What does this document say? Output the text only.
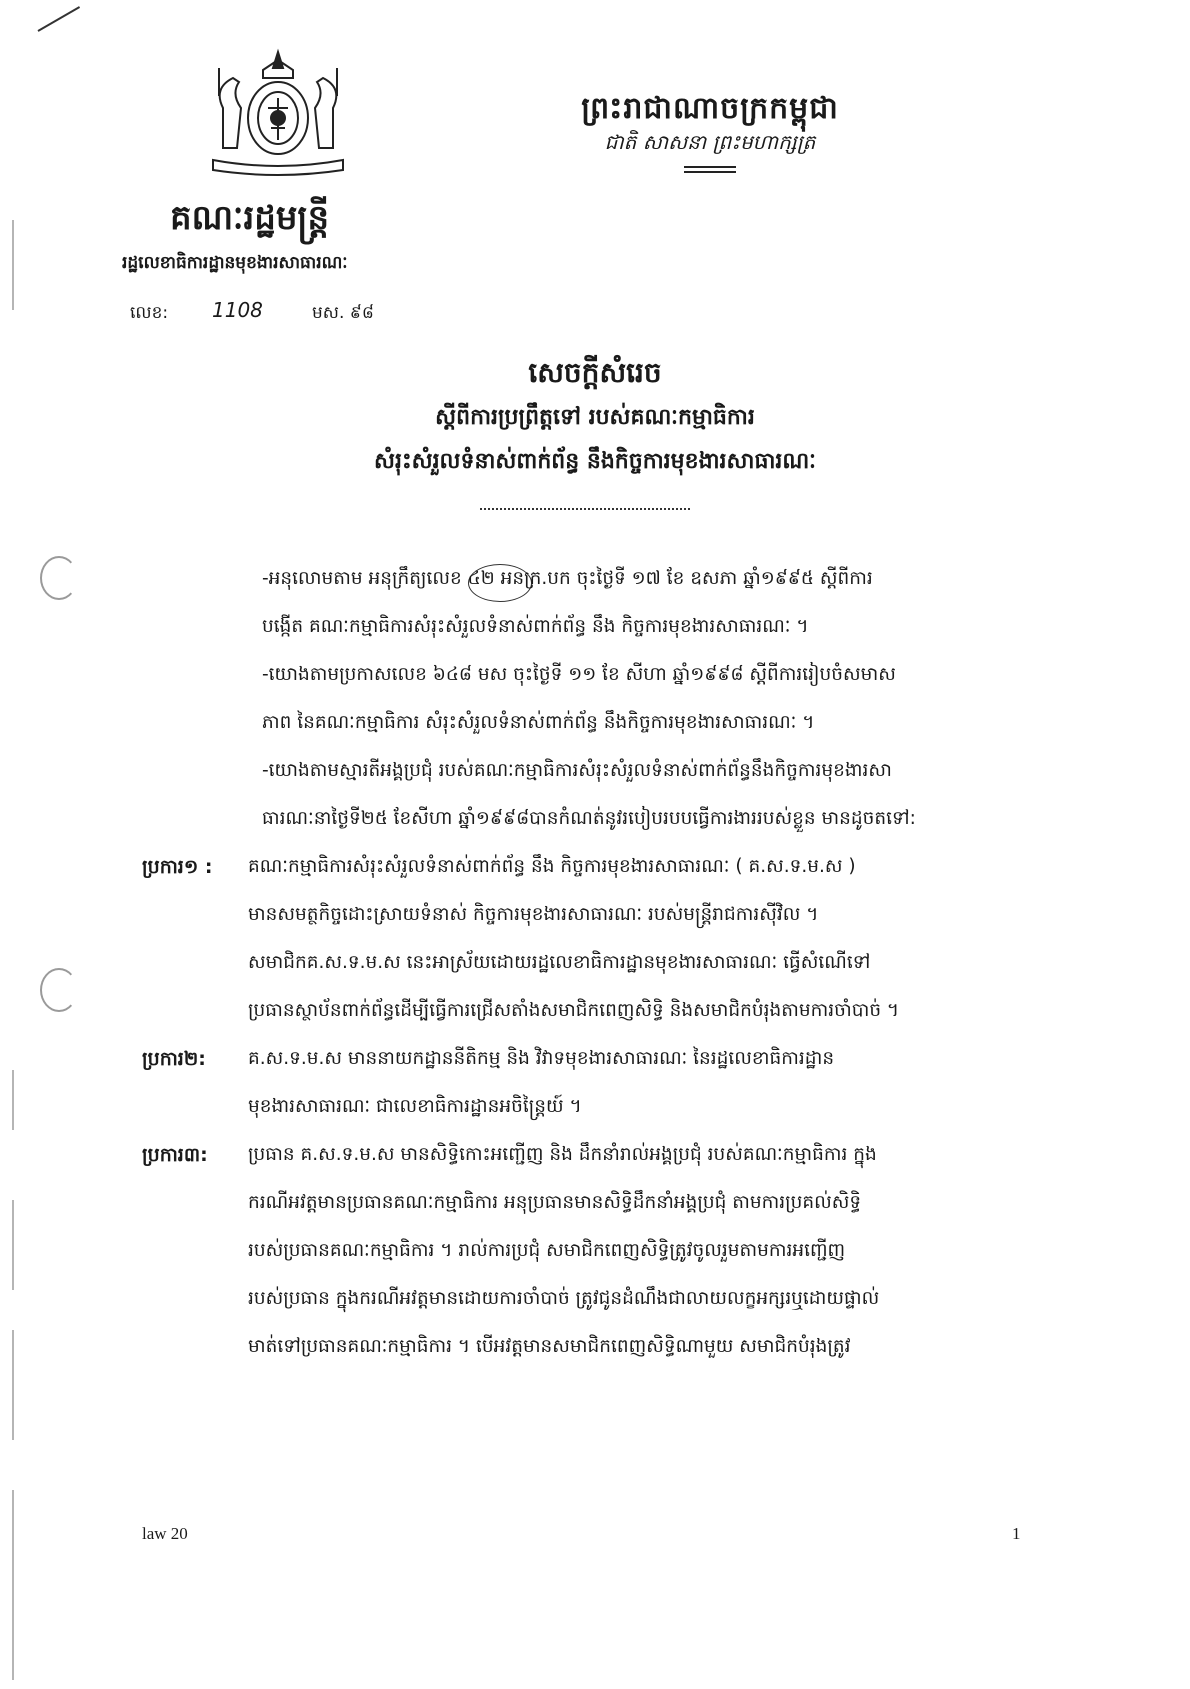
ព្រះរាជាណាចក្រកម្ពុជា
ជាតិ សាសនា ព្រះមហាក្សត្រ
គណៈរដ្ឋមន្ត្រី
រដ្ឋលេខាធិការដ្ឋានមុខងារសាធារណៈ
លេខ: 1108	មស. ៩៨
សេចក្តីសំរេច
ស្តីពីការប្រព្រឹត្តទៅ របស់គណៈកម្មាធិការ
សំរុះសំរួលទំនាស់ពាក់ព័ន្ធ នឹងកិច្ចការមុខងារសាធារណៈ
-អនុលោមតាម អនុក្រឹត្យលេខ ៤២ អនក្រ.បក ចុះថ្ងៃទី ១៧ ខែ ឧសភា ឆ្នាំ១៩៩៥ ស្តីពីការ
បង្កើត គណៈកម្មាធិការសំរុះសំរួលទំនាស់ពាក់ព័ន្ធ នឹង កិច្ចការមុខងារសាធារណៈ ។
-យោងតាមប្រកាសលេខ ៦៤៨ មស ចុះថ្ងៃទី ១១ ខែ សីហា ឆ្នាំ១៩៩៨ ស្តីពីការរៀបចំសមាស
ភាព នៃគណៈកម្មាធិការ សំរុះសំរួលទំនាស់ពាក់ព័ន្ធ នឹងកិច្ចការមុខងារសាធារណៈ ។
-យោងតាមស្មារតីអង្គប្រជុំ របស់គណៈកម្មាធិការសំរុះសំរួលទំនាស់ពាក់ព័ន្ធនឹងកិច្ចការមុខងារសា
ធារណៈនាថ្ងៃទី២៥ ខែសីហា ឆ្នាំ១៩៩៨បានកំណត់នូវរបៀបរបបធ្វើការងាររបស់ខ្លួន មានដូចតទៅ:
ប្រការ១ : គណៈកម្មាធិការសំរុះសំរួលទំនាស់ពាក់ព័ន្ធ នឹង កិច្ចការមុខងារសាធារណៈ ( គ.ស.ទ.ម.ស )
មានសមត្ថកិច្ចដោះស្រាយទំនាស់ កិច្ចការមុខងារសាធារណៈ របស់មន្ត្រីរាជការស៊ីវិល ។
សមាជិកគ.ស.ទ.ម.ស នេះអាស្រ័យដោយរដ្ឋលេខាធិការដ្ឋានមុខងារសាធារណៈ ធ្វើសំណើទៅ
ប្រធានស្ថាប័នពាក់ព័ន្ធដើម្បីធ្វើការជ្រើសតាំងសមាជិកពេញសិទ្ធិ និងសមាជិកបំរុងតាមការចាំបាច់ ។
ប្រការ២: គ.ស.ទ.ម.ស មាននាយកដ្ឋាននីតិកម្ម និង វិវាទមុខងារសាធារណៈ នៃរដ្ឋលេខាធិការដ្ឋាន
មុខងារសាធារណៈ ជាលេខាធិការដ្ឋានអចិន្ត្រៃយ៍ ។
ប្រការ៣: ប្រធាន គ.ស.ទ.ម.ស មានសិទ្ធិកោះអញ្ជើញ និង ដឹកនាំរាល់អង្គប្រជុំ របស់គណៈកម្មាធិការ ក្នុង
ករណីអវត្តមានប្រធានគណៈកម្មាធិការ អនុប្រធានមានសិទ្ធិដឹកនាំអង្គប្រជុំ តាមការប្រគល់សិទ្ធិ
របស់ប្រធានគណៈកម្មាធិការ ។ រាល់ការប្រជុំ សមាជិកពេញសិទ្ធិត្រូវចូលរួមតាមការអញ្ជើញ
របស់ប្រធាន ក្នុងករណីអវត្តមានដោយការចាំបាច់ ត្រូវជូនដំណឹងជាលាយលក្ខអក្សរឬដោយផ្ទាល់
មាត់ទៅប្រធានគណៈកម្មាធិការ ។ បើអវត្តមានសមាជិកពេញសិទ្ធិណាមួយ សមាជិកបំរុងត្រូវ
law 20	1
